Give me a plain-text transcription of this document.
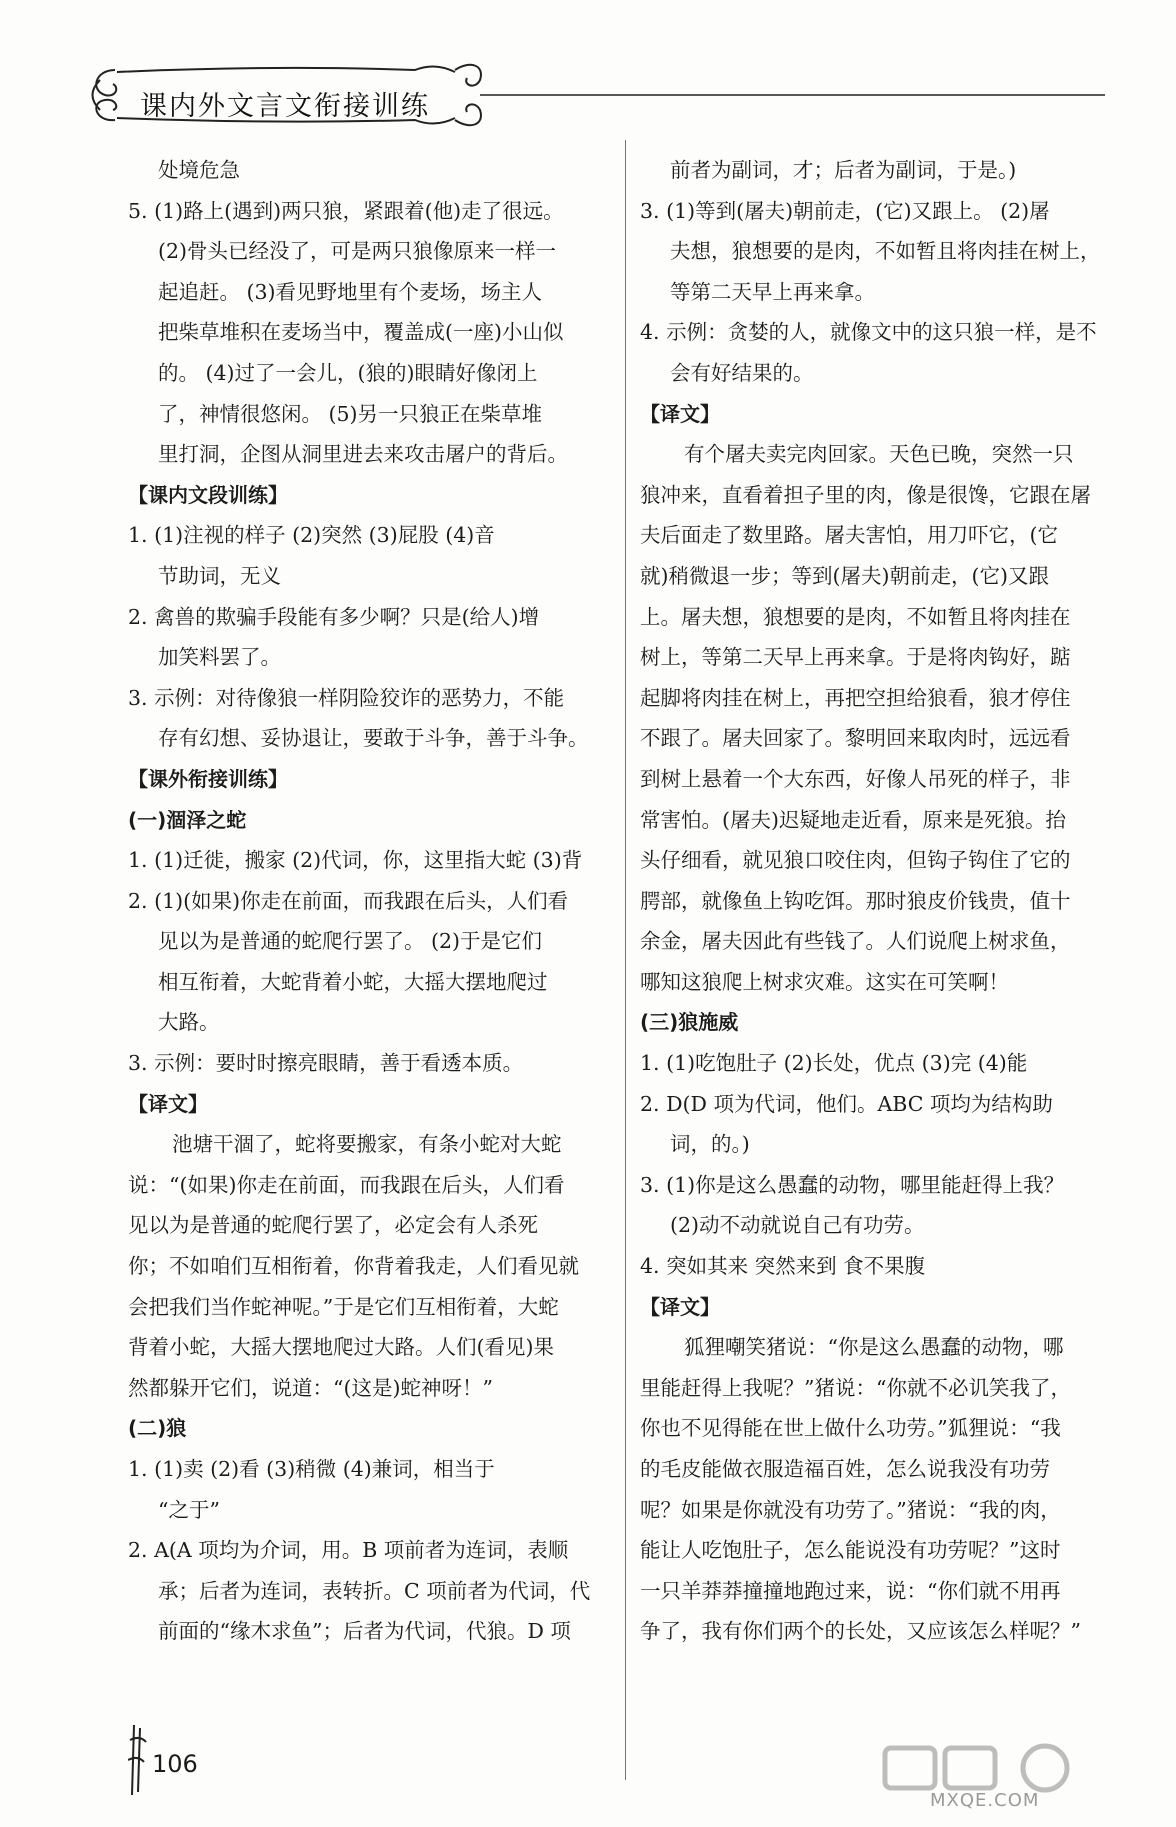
课内外文言文衔接训练
处境危急
5. (1)路上(遇到)两只狼，紧跟着(他)走了很远。
(2)骨头已经没了，可是两只狼像原来一样一
起追赶。 (3)看见野地里有个麦场，场主人
把柴草堆积在麦场当中，覆盖成(一座)小山似
的。 (4)过了一会儿，(狼的)眼睛好像闭上
了，神情很悠闲。 (5)另一只狼正在柴草堆
里打洞，企图从洞里进去来攻击屠户的背后。
【课内文段训练】
1. (1)注视的样子 (2)突然 (3)屁股 (4)音
节助词，无义
2. 禽兽的欺骗手段能有多少啊？只是(给人)增
加笑料罢了。
3. 示例：对待像狼一样阴险狡诈的恶势力，不能
存有幻想、妥协退让，要敢于斗争，善于斗争。
【课外衔接训练】
(一)涸泽之蛇
1. (1)迁徙，搬家 (2)代词，你，这里指大蛇 (3)背
2. (1)(如果)你走在前面，而我跟在后头，人们看
见以为是普通的蛇爬行罢了。 (2)于是它们
相互衔着，大蛇背着小蛇，大摇大摆地爬过
大路。
3. 示例：要时时擦亮眼睛，善于看透本质。
【译文】
池塘干涸了，蛇将要搬家，有条小蛇对大蛇
说：“(如果)你走在前面，而我跟在后头，人们看
见以为是普通的蛇爬行罢了，必定会有人杀死
你；不如咱们互相衔着，你背着我走，人们看见就
会把我们当作蛇神呢。”于是它们互相衔着，大蛇
背着小蛇，大摇大摆地爬过大路。人们(看见)果
然都躲开它们，说道：“(这是)蛇神呀！”
(二)狼
1. (1)卖 (2)看 (3)稍微 (4)兼词，相当于
“之于”
2. A(A 项均为介词，用。B 项前者为连词，表顺
承；后者为连词，表转折。C 项前者为代词，代
前面的“缘木求鱼”；后者为代词，代狼。D 项
前者为副词，才；后者为副词，于是。)
3. (1)等到(屠夫)朝前走，(它)又跟上。 (2)屠
夫想，狼想要的是肉，不如暂且将肉挂在树上，
等第二天早上再来拿。
4. 示例：贪婪的人，就像文中的这只狼一样，是不
会有好结果的。
【译文】
有个屠夫卖完肉回家。天色已晚，突然一只
狼冲来，直看着担子里的肉，像是很馋，它跟在屠
夫后面走了数里路。屠夫害怕，用刀吓它，(它
就)稍微退一步；等到(屠夫)朝前走，(它)又跟
上。屠夫想，狼想要的是肉，不如暂且将肉挂在
树上，等第二天早上再来拿。于是将肉钩好，踮
起脚将肉挂在树上，再把空担给狼看，狼才停住
不跟了。屠夫回家了。黎明回来取肉时，远远看
到树上悬着一个大东西，好像人吊死的样子，非
常害怕。(屠夫)迟疑地走近看，原来是死狼。抬
头仔细看，就见狼口咬住肉，但钩子钩住了它的
腭部，就像鱼上钩吃饵。那时狼皮价钱贵，值十
余金，屠夫因此有些钱了。人们说爬上树求鱼，
哪知这狼爬上树求灾难。这实在可笑啊！
(三)狼施威
1. (1)吃饱肚子 (2)长处，优点 (3)完 (4)能
2. D(D 项为代词，他们。ABC 项均为结构助
词，的。)
3. (1)你是这么愚蠢的动物，哪里能赶得上我？
(2)动不动就说自己有功劳。
4. 突如其来 突然来到 食不果腹
【译文】
狐狸嘲笑猪说：“你是这么愚蠢的动物，哪
里能赶得上我呢？”猪说：“你就不必讥笑我了，
你也不见得能在世上做什么功劳。”狐狸说：“我
的毛皮能做衣服造福百姓，怎么说我没有功劳
呢？如果是你就没有功劳了。”猪说：“我的肉，
能让人吃饱肚子，怎么能说没有功劳呢？”这时
一只羊莽莽撞撞地跑过来，说：“你们就不用再
争了，我有你们两个的长处，又应该怎么样呢？”
106
MXQE.COM
